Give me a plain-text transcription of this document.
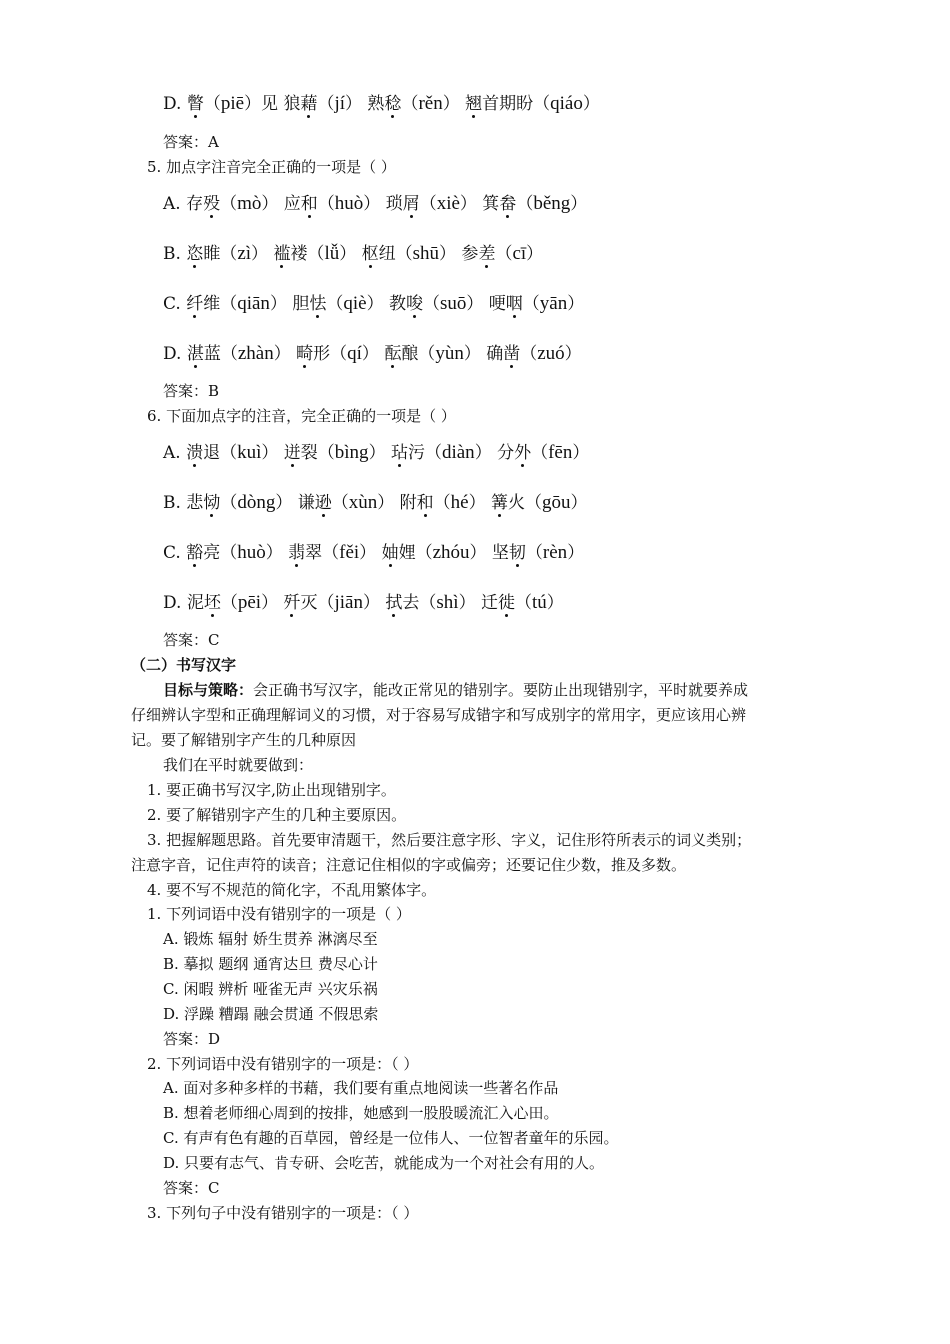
D. 瞥（piē）见 狼藉（jí） 熟稔（rěn） 翘首期盼（qiáo）
答案：A
5. 加点字注音完全正确的一项是（ ）
A. 存殁（mò） 应和（huò） 琐屑（xiè） 箕畚（běng）
B. 恣睢（zì） 褴褛（lǚ） 枢纽（shū） 参差（cī）
C. 纤维（qiān） 胆怯（qiè） 教唆（suō） 哽咽（yān）
D. 湛蓝（zhàn） 畸形（qí） 酝酿（yùn） 确凿（zuó）
答案：B
6. 下面加点字的注音，完全正确的一项是（ ）
A. 溃退（kuì） 迸裂（bìng） 玷污（diàn） 分外（fēn）
B. 悲恸（dòng） 谦逊（xùn） 附和（hé） 篝火（gōu）
C. 豁亮（huò） 翡翠（fěi） 妯娌（zhóu） 坚韧（rèn）
D. 泥坯（pēi） 歼灭（jiān） 拭去（shì） 迁徙（tú）
答案：C
（二）书写汉字
目标与策略：会正确书写汉字，能改正常见的错别字。要防止出现错别字，平时就要养成
仔细辨认字型和正确理解词义的习惯，对于容易写成错字和写成别字的常用字，更应该用心辨
记。要了解错别字产生的几种原因
我们在平时就要做到：
1. 要正确书写汉字,防止出现错别字。
2. 要了解错别字产生的几种主要原因。
3. 把握解题思路。首先要审清题干，然后要注意字形、字义，记住形符所表示的词义类别；
注意字音，记住声符的读音；注意记住相似的字或偏旁；还要记住少数，推及多数。
4. 要不写不规范的简化字，不乱用繁体字。
1. 下列词语中没有错别字的一项是（ ）
A. 锻炼 辐射 娇生贯养 淋漓尽至
B. 摹拟 题纲 通宵达旦 费尽心计
C. 闲暇 辨析 哑雀无声 兴灾乐祸
D. 浮躁 糟蹋 融会贯通 不假思索
答案：D
2. 下列词语中没有错别字的一项是：（ ）
A. 面对多种多样的书藉，我们要有重点地阅读一些著名作品
B. 想着老师细心周到的按排，她感到一股股暖流汇入心田。
C. 有声有色有趣的百草园，曾经是一位伟人、一位智者童年的乐园。
D. 只要有志气、肯专研、会吃苦，就能成为一个对社会有用的人。
答案：C
3. 下列句子中没有错别字的一项是：（ ）
